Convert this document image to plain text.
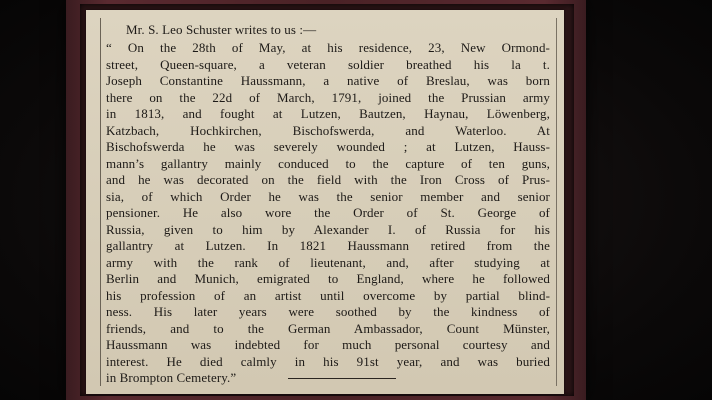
Mr. S. Leo Schuster writes to us :—
“ On the 28th of May, at his residence, 23, New Ormond-
street, Queen-square, a veteran soldier breathed his la t.
Joseph Constantine Haussmann, a native of Breslau, was born
there on the 22d of March, 1791, joined the Prussian army
in 1813, and fought at Lutzen, Bautzen, Haynau, Löwenberg,
Katzbach, Hochkirchen, Bischofswerda, and Waterloo. At
Bischofswerda he was severely wounded ; at Lutzen, Hauss-
mann’s gallantry mainly conduced to the capture of ten guns,
and he was decorated on the field with the Iron Cross of Prus-
sia, of which Order he was the senior member and senior
pensioner. He also wore the Order of St. George of
Russia, given to him by Alexander I. of Russia for his
gallantry at Lutzen. In 1821 Haussmann retired from the
army with the rank of lieutenant, and, after studying at
Berlin and Munich, emigrated to England, where he followed
his profession of an artist until overcome by partial blind-
ness. His later years were soothed by the kindness of
friends, and to the German Ambassador, Count Münster,
Haussmann was indebted for much personal courtesy and
interest. He died calmly in his 91st year, and was buried
in Brompton Cemetery.”
